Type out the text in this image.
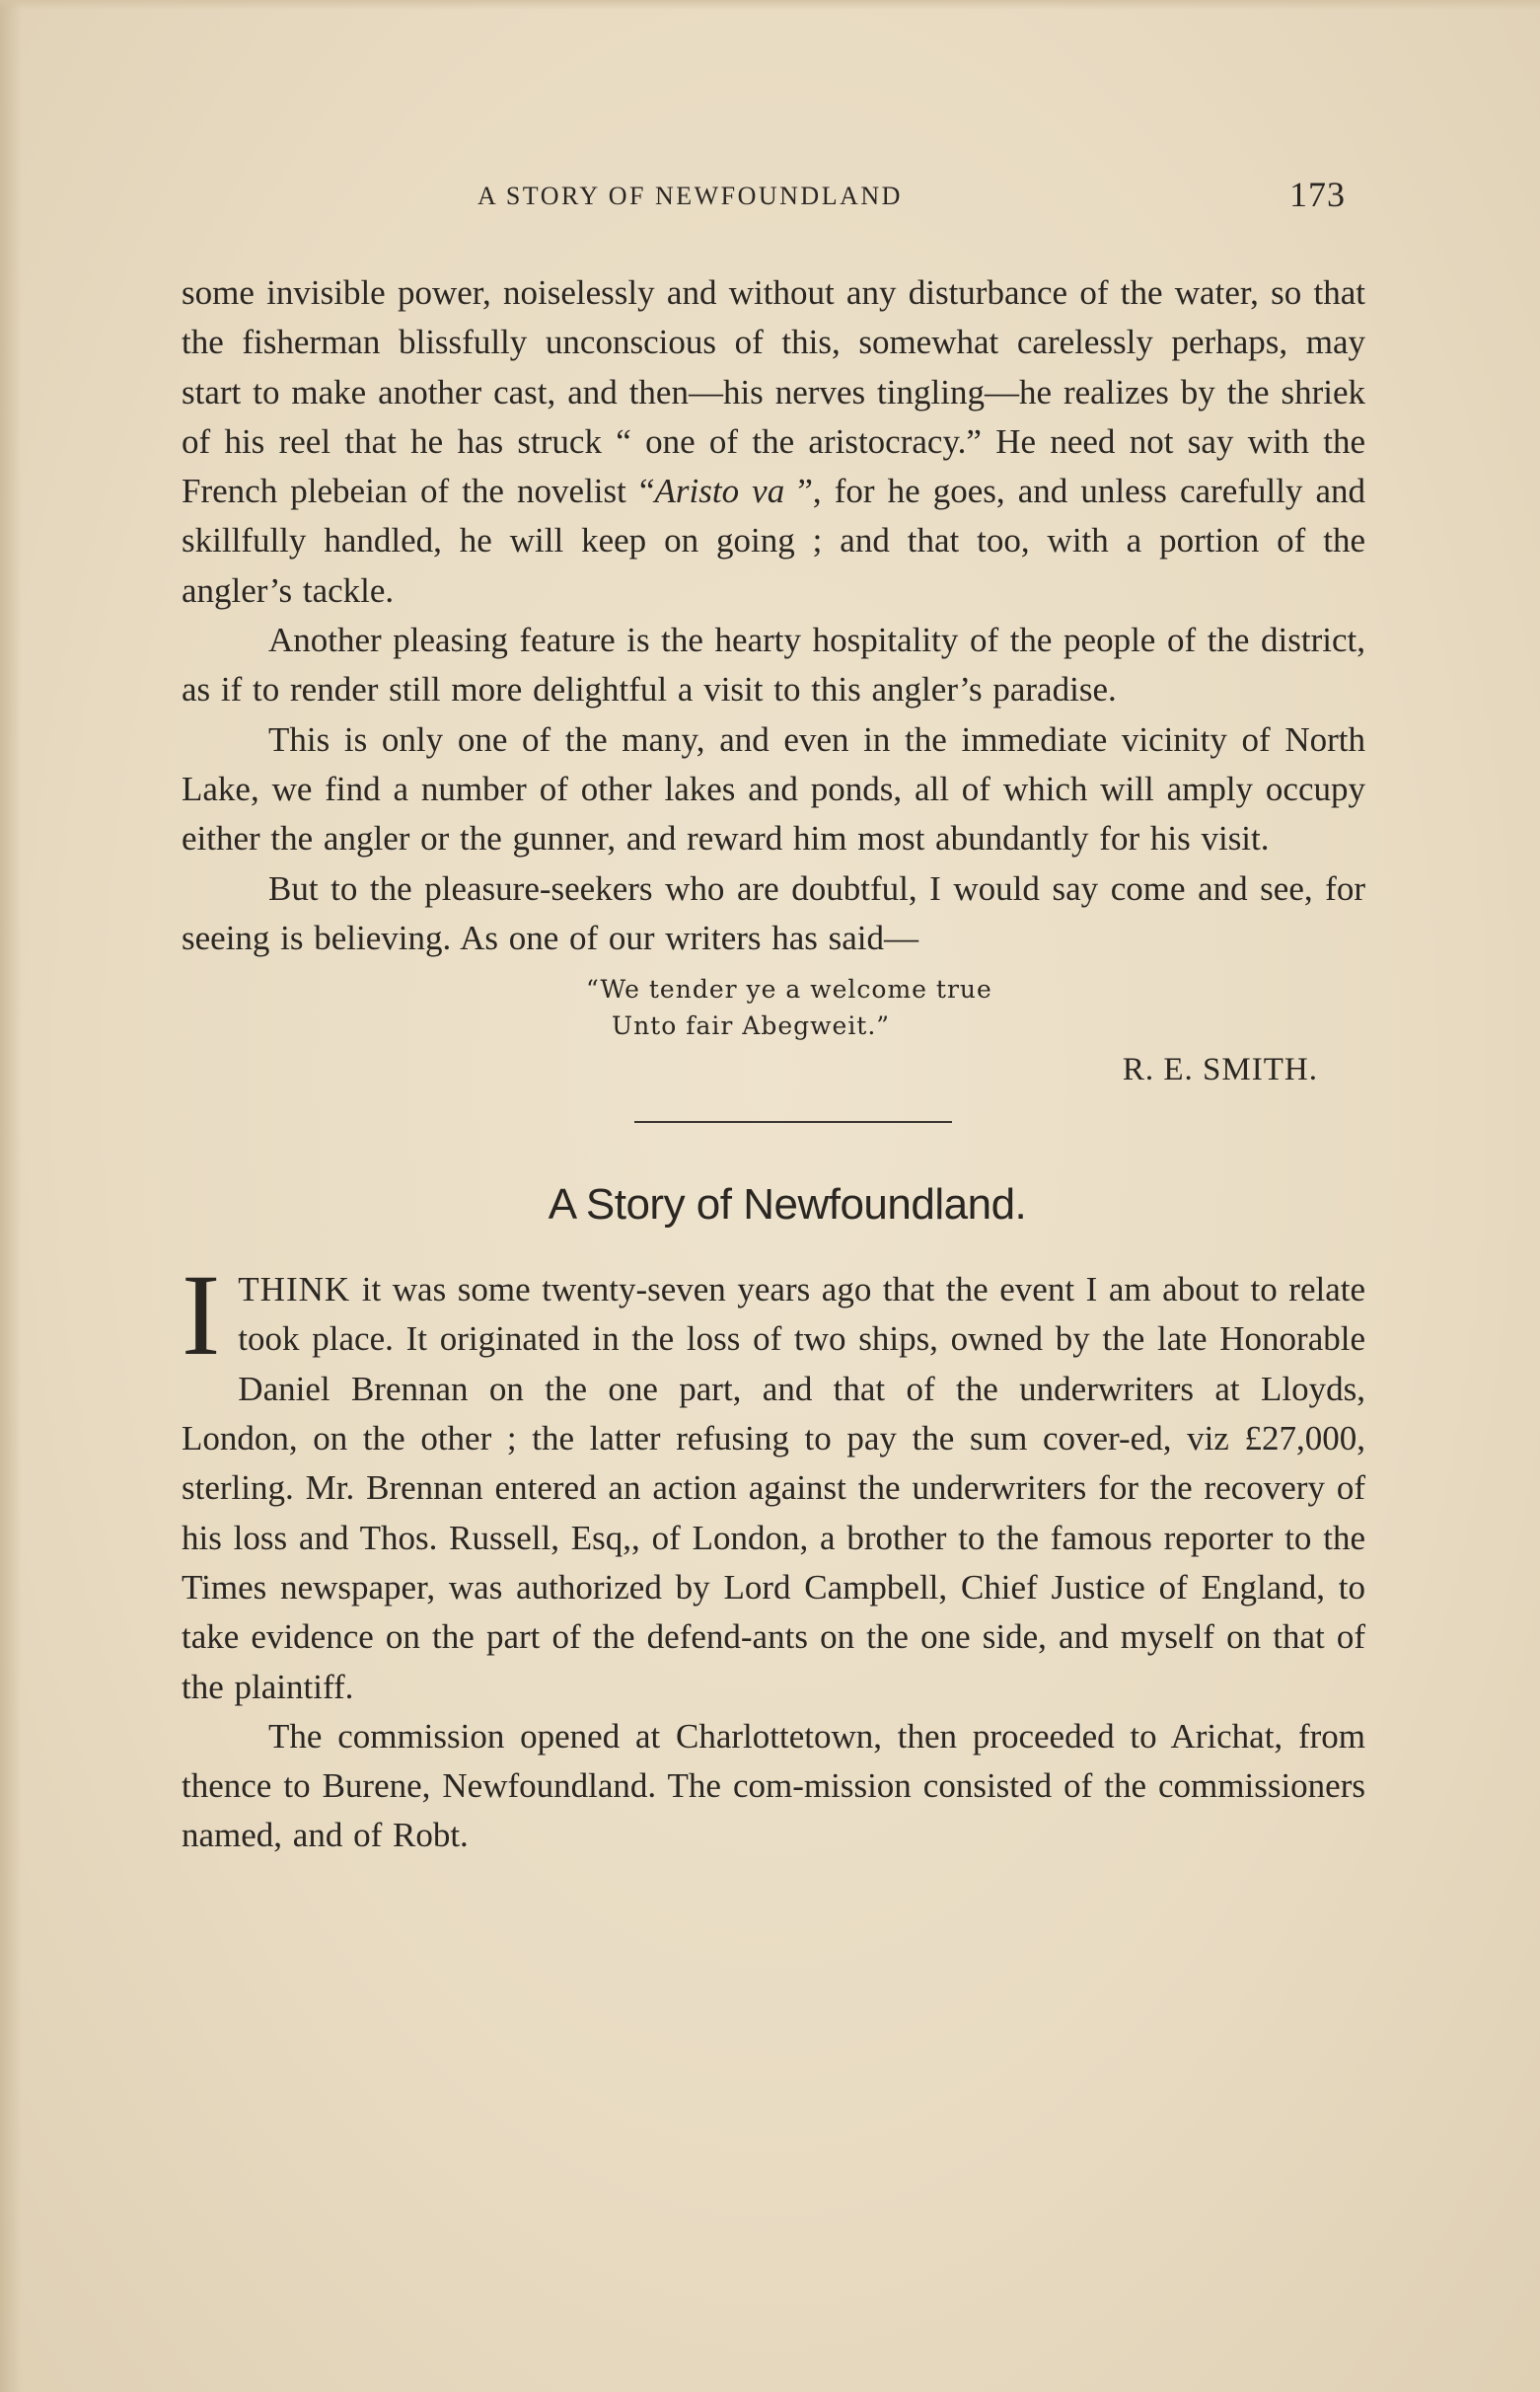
A STORY OF NEWFOUNDLAND	173

some invisible power, noiselessly and without any disturbance of the water, so that the fisherman blissfully unconscious of this, somewhat carelessly perhaps, may start to make another cast, and then—his nerves tingling—he realizes by the shriek of his reel that he has struck “ one of the aristocracy.” He need not say with the French plebeian of the novelist “Aristo va ”, for he goes, and unless carefully and skillfully handled, he will keep on going ; and that too, with a portion of the angler’s tackle.

Another pleasing feature is the hearty hospitality of the people of the district, as if to render still more delightful a visit to this angler’s paradise.

This is only one of the many, and even in the immediate vicinity of North Lake, we find a number of other lakes and ponds, all of which will amply occupy either the angler or the gunner, and reward him most abundantly for his visit.

But to the pleasure-seekers who are doubtful, I would say come and see, for seeing is believing. As one of our writers has said—

“We tender ye a welcome true
Unto fair Abegweit.”
R. E. SMITH.
A Story of Newfoundland.

ITHINK it was some twenty-seven years ago that the event I am about to relate took place. It originated in the loss of two ships, owned by the late Honorable Daniel Brennan on the one part, and that of the underwriters at Lloyds, London, on the other ; the latter refusing to pay the sum cover-ed, viz £27,000, sterling. Mr. Brennan entered an action against the underwriters for the recovery of his loss and Thos. Russell, Esq,, of London, a brother to the famous reporter to the Times newspaper, was authorized by Lord Campbell, Chief Justice of England, to take evidence on the part of the defend-ants on the one side, and myself on that of the plaintiff.

The commission opened at Charlottetown, then proceeded to Arichat, from thence to Burene, Newfoundland. The com-mission consisted of the commissioners named, and of Robt.
